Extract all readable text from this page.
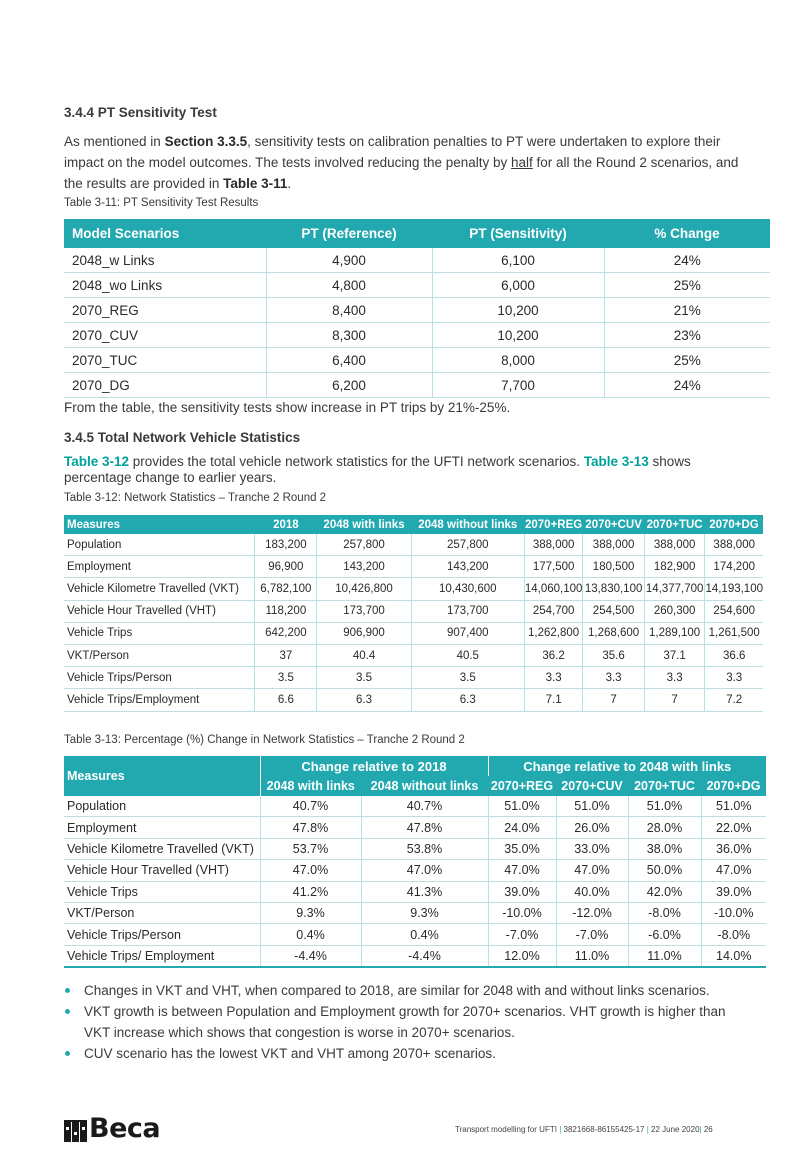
3.4.4 PT Sensitivity Test
As mentioned in Section 3.3.5, sensitivity tests on calibration penalties to PT were undertaken to explore their impact on the model outcomes. The tests involved reducing the penalty by half for all the Round 2 scenarios, and the results are provided in Table 3-11.
Table 3-11: PT Sensitivity Test Results
Model Scenarios	PT (Reference)	PT (Sensitivity)	% Change
2048_w Links	4,900	6,100	24%
2048_wo Links	4,800	6,000	25%
2070_REG	8,400	10,200	21%
2070_CUV	8,300	10,200	23%
2070_TUC	6,400	8,000	25%
2070_DG	6,200	7,700	24%
From the table, the sensitivity tests show increase in PT trips by 21%-25%.
3.4.5 Total Network Vehicle Statistics
Table 3-12 provides the total vehicle network statistics for the UFTI network scenarios. Table 3-13 shows percentage change to earlier years.
Table 3-12: Network Statistics – Tranche 2 Round 2
Measures	2018	2048 with links	2048 without links	2070+REG	2070+CUV	2070+TUC	2070+DG
Population	183,200	257,800	257,800	388,000	388,000	388,000	388,000
Employment	96,900	143,200	143,200	177,500	180,500	182,900	174,200
Vehicle Kilometre Travelled (VKT)	6,782,100	10,426,800	10,430,600	14,060,100	13,830,100	14,377,700	14,193,100
Vehicle Hour Travelled (VHT)	118,200	173,700	173,700	254,700	254,500	260,300	254,600
Vehicle Trips	642,200	906,900	907,400	1,262,800	1,268,600	1,289,100	1,261,500
VKT/Person	37	40.4	40.5	36.2	35.6	37.1	36.6
Vehicle Trips/Person	3.5	3.5	3.5	3.3	3.3	3.3	3.3
Vehicle Trips/Employment	6.6	6.3	6.3	7.1	7	7	7.2
Table 3-13: Percentage (%) Change in Network Statistics – Tranche 2 Round 2
Measures	Change relative to 2018		Change relative to 2048 with links			
	2048 with links	2048 without links	2070+REG	2070+CUV	2070+TUC	2070+DG
Population	40.7%	40.7%	51.0%	51.0%	51.0%	51.0%
Employment	47.8%	47.8%	24.0%	26.0%	28.0%	22.0%
Vehicle Kilometre Travelled (VKT)	53.7%	53.8%	35.0%	33.0%	38.0%	36.0%
Vehicle Hour Travelled (VHT)	47.0%	47.0%	47.0%	47.0%	50.0%	47.0%
Vehicle Trips	41.2%	41.3%	39.0%	40.0%	42.0%	39.0%
VKT/Person	9.3%	9.3%	-10.0%	-12.0%	-8.0%	-10.0%
Vehicle Trips/Person	0.4%	0.4%	-7.0%	-7.0%	-6.0%	-8.0%
Vehicle Trips/ Employment	-4.4%	-4.4%	12.0%	11.0%	11.0%	14.0%
Changes in VKT and VHT, when compared to 2018, are similar for 2048 with and without links scenarios.
VKT growth is between Population and Employment growth for 2070+ scenarios. VHT growth is higher than VKT increase which shows that congestion is worse in 2070+ scenarios.
CUV scenario has the lowest VKT and VHT among 2070+ scenarios.
Beca	Transport modelling for UFTI | 3821668-86155425-17 | 22 June 2020| 26
